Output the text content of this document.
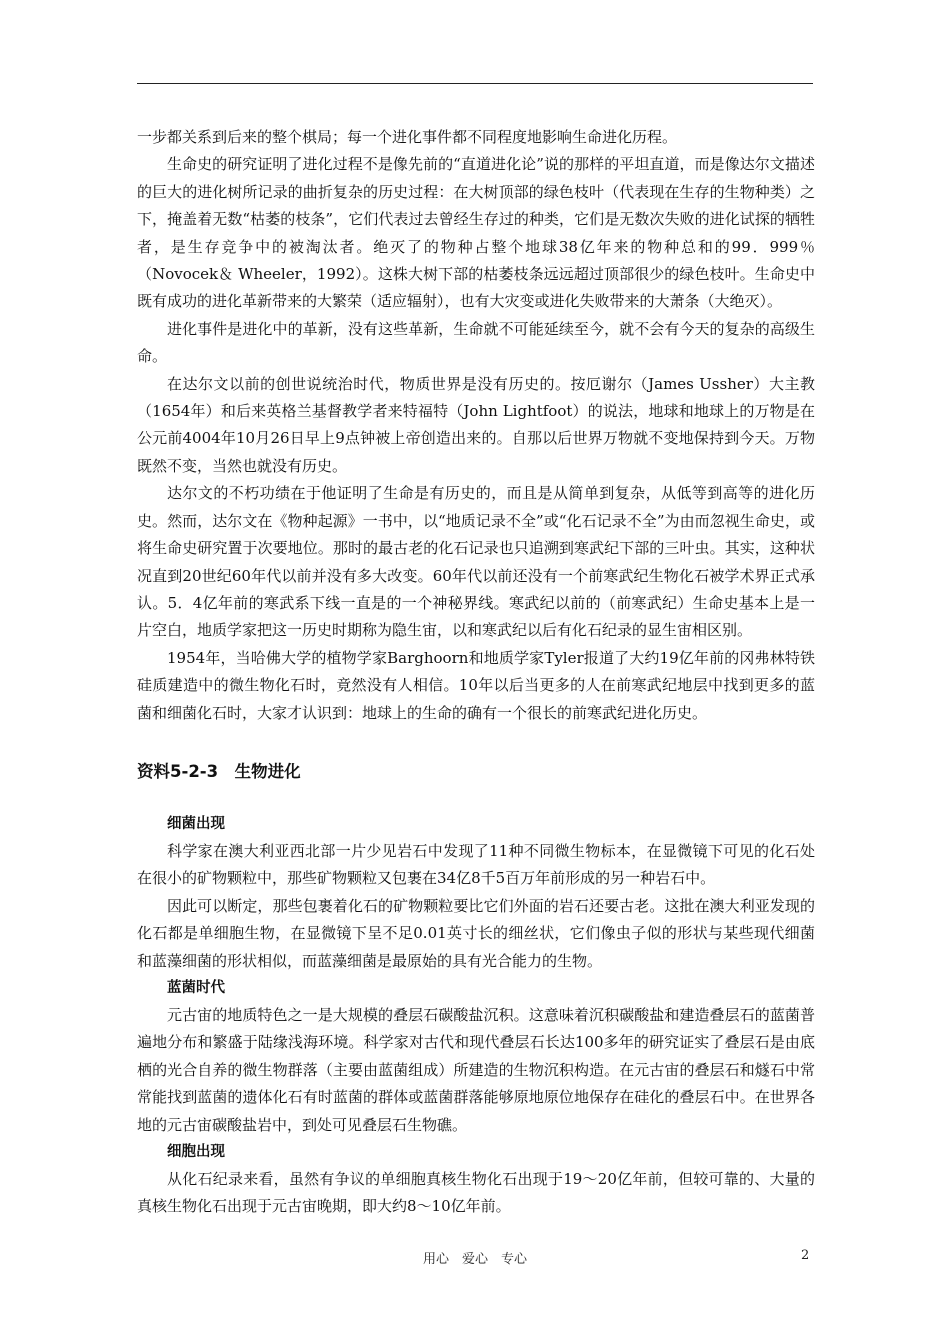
一步都关系到后来的整个棋局；每一个进化事件都不同程度地影响生命进化历程。

生命史的研究证明了进化过程不是像先前的“直道进化论”说的那样的平坦直道，而是像达尔文描述的巨大的进化树所记录的曲折复杂的历史过程：在大树顶部的绿色枝叶（代表现在生存的生物种类）之下，掩盖着无数“枯萎的枝条”，它们代表过去曾经生存过的种类，它们是无数次失败的进化试探的牺牲者，是生存竞争中的被淘汰者。绝灭了的物种占整个地球38亿年来的物种总和的99．999％（Novocek＆ Wheeler，1992）。这株大树下部的枯萎枝条远远超过顶部很少的绿色枝叶。生命史中既有成功的进化革新带来的大繁荣（适应辐射），也有大灾变或进化失败带来的大萧条（大绝灭）。

进化事件是进化中的革新，没有这些革新，生命就不可能延续至今，就不会有今天的复杂的高级生命。

在达尔文以前的创世说统治时代，物质世界是没有历史的。按厄谢尔（James Ussher）大主教（1654年）和后来英格兰基督教学者来特福特（John Lightfoot）的说法，地球和地球上的万物是在公元前4004年10月26日早上9点钟被上帝创造出来的。自那以后世界万物就不变地保持到今天。万物既然不变，当然也就没有历史。

达尔文的不朽功绩在于他证明了生命是有历史的，而且是从简单到复杂，从低等到高等的进化历史。然而，达尔文在《物种起源》一书中，以“地质记录不全”或“化石记录不全”为由而忽视生命史，或将生命史研究置于次要地位。那时的最古老的化石记录也只追溯到寒武纪下部的三叶虫。其实，这种状况直到20世纪60年代以前并没有多大改变。60年代以前还没有一个前寒武纪生物化石被学术界正式承认。5．4亿年前的寒武系下线一直是的一个神秘界线。寒武纪以前的（前寒武纪）生命史基本上是一片空白，地质学家把这一历史时期称为隐生宙，以和寒武纪以后有化石纪录的显生宙相区别。

1954年，当哈佛大学的植物学家Barghoorn和地质学家Tyler报道了大约19亿年前的冈弗林特铁硅质建造中的微生物化石时，竟然没有人相信。10年以后当更多的人在前寒武纪地层中找到更多的蓝菌和细菌化石时，大家才认识到：地球上的生命的确有一个很长的前寒武纪进化历史。

资料5-2-3　生物进化
细菌出现

科学家在澳大利亚西北部一片少见岩石中发现了11种不同微生物标本，在显微镜下可见的化石处在很小的矿物颗粒中，那些矿物颗粒又包裹在34亿8千5百万年前形成的另一种岩石中。

因此可以断定，那些包裹着化石的矿物颗粒要比它们外面的岩石还要古老。这批在澳大利亚发现的化石都是单细胞生物，在显微镜下呈不足0.01英寸长的细丝状，它们像虫子似的形状与某些现代细菌和蓝藻细菌的形状相似，而蓝藻细菌是最原始的具有光合能力的生物。

蓝菌时代

元古宙的地质特色之一是大规模的叠层石碳酸盐沉积。这意味着沉积碳酸盐和建造叠层石的蓝菌普遍地分布和繁盛于陆缘浅海环境。科学家对古代和现代叠层石长达100多年的研究证实了叠层石是由底栖的光合自养的微生物群落（主要由蓝菌组成）所建造的生物沉积构造。在元古宙的叠层石和燧石中常常能找到蓝菌的遗体化石有时蓝菌的群体或蓝菌群落能够原地原位地保存在硅化的叠层石中。在世界各地的元古宙碳酸盐岩中，到处可见叠层石生物礁。

细胞出现

从化石纪录来看，虽然有争议的单细胞真核生物化石出现于19～20亿年前，但较可靠的、大量的真核生物化石出现于元古宙晚期，即大约8～10亿年前。

用心　爱心　专心	2
